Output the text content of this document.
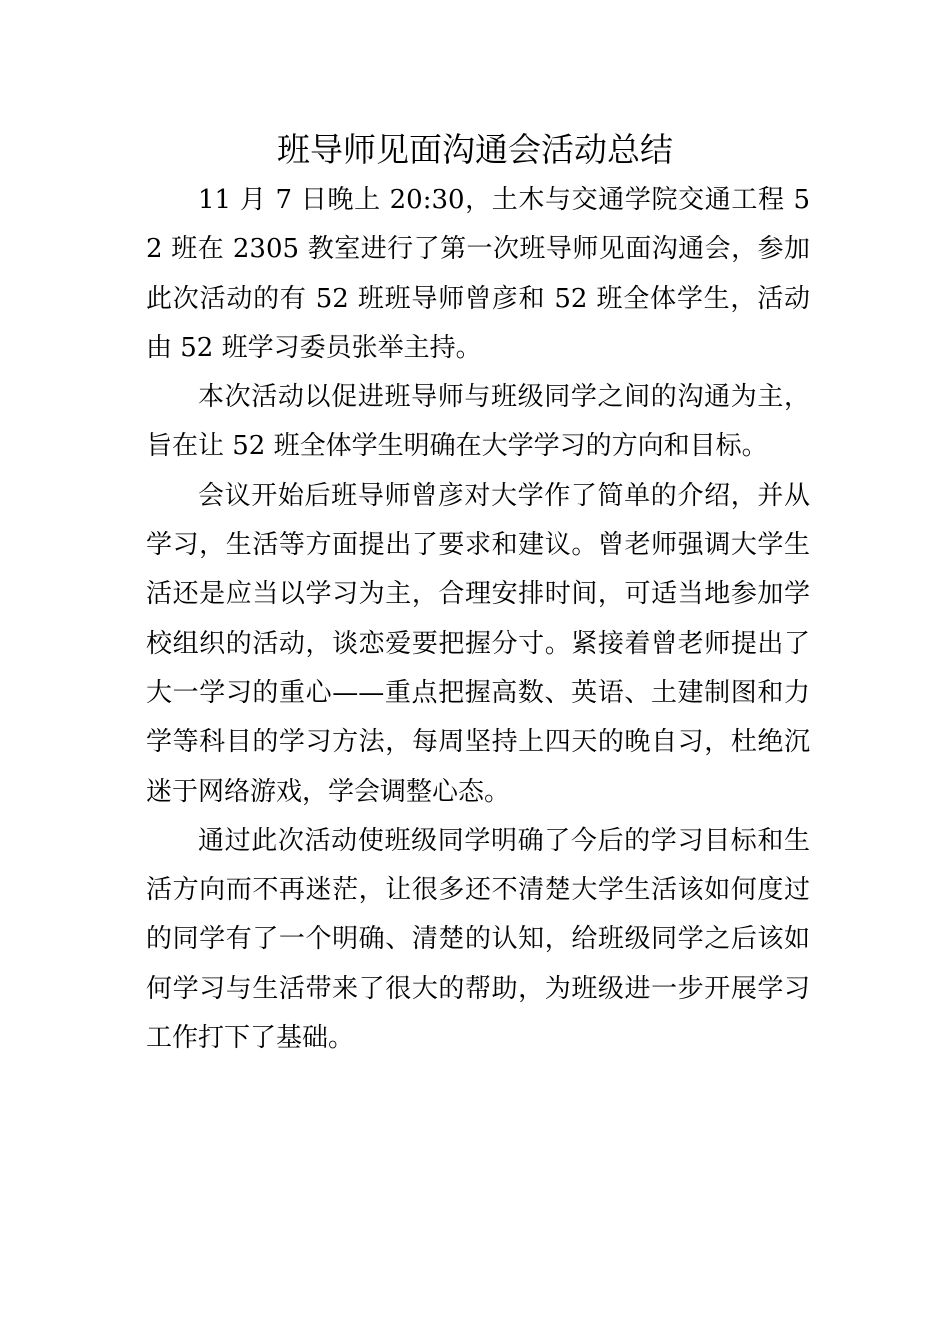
班导师见面沟通会活动总结

11 月 7 日晚上 20:30，土木与交通学院交通工程 52 班在 2305 教室进行了第一次班导师见面沟通会，参加此次活动的有 52 班班导师曾彦和 52 班全体学生，活动由 52 班学习委员张举主持。

本次活动以促进班导师与班级同学之间的沟通为主，旨在让 52 班全体学生明确在大学学习的方向和目标。

会议开始后班导师曾彦对大学作了简单的介绍，并从学习，生活等方面提出了要求和建议。曾老师强调大学生活还是应当以学习为主，合理安排时间，可适当地参加学校组织的活动，谈恋爱要把握分寸。紧接着曾老师提出了大一学习的重心——重点把握高数、英语、土建制图和力学等科目的学习方法，每周坚持上四天的晚自习，杜绝沉迷于网络游戏，学会调整心态。

通过此次活动使班级同学明确了今后的学习目标和生活方向而不再迷茫，让很多还不清楚大学生活该如何度过的同学有了一个明确、清楚的认知，给班级同学之后该如何学习与生活带来了很大的帮助，为班级进一步开展学习工作打下了基础。
